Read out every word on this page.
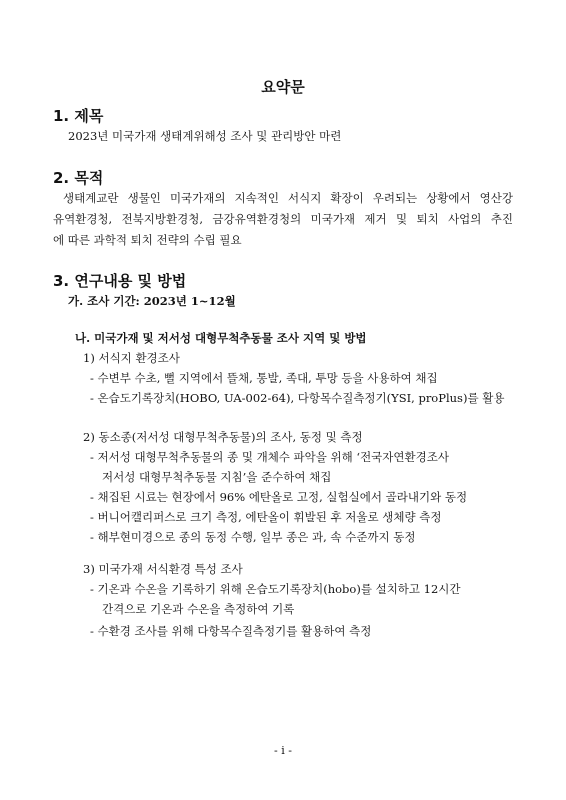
요약문
1. 제목
2023년 미국가재 생태계위해성 조사 및 관리방안 마련
2. 목적
생태계교란 생물인 미국가재의 지속적인 서식지 확장이 우려되는 상황에서 영산강
유역환경청, 전북지방환경청, 금강유역환경청의 미국가재 제거 및 퇴치 사업의 추진
에 따른 과학적 퇴치 전략의 수립 필요
3. 연구내용 및 방법
가. 조사 기간: 2023년 1~12월
나. 미국가재 및 저서성 대형무척추동물 조사 지역 및 방법
1) 서식지 환경조사
- 수변부 수초, 뻘 지역에서 뜰채, 통발, 족대, 투망 등을 사용하여 채집
- 온습도기록장치(HOBO, UA-002-64), 다항목수질측정기(YSI, proPlus)를 활용
2) 동소종(저서성 대형무척추동물)의 조사, 동정 및 측정
- 저서성 대형무척추동물의 종 및 개체수 파악을 위해 ‘전국자연환경조사
저서성 대형무척추동물 지침’을 준수하여 채집
- 채집된 시료는 현장에서 96% 에탄올로 고정, 실험실에서 골라내기와 동정
- 버니어캘리퍼스로 크기 측정, 에탄올이 휘발된 후 저울로 생체량 측정
- 해부현미경으로 종의 동정 수행, 일부 종은 과, 속 수준까지 동정
3) 미국가재 서식환경 특성 조사
- 기온과 수온을 기록하기 위해 온습도기록장치(hobo)를 설치하고 12시간
간격으로 기온과 수온을 측정하여 기록
- 수환경 조사를 위해 다항목수질측정기를 활용하여 측정
- i -
